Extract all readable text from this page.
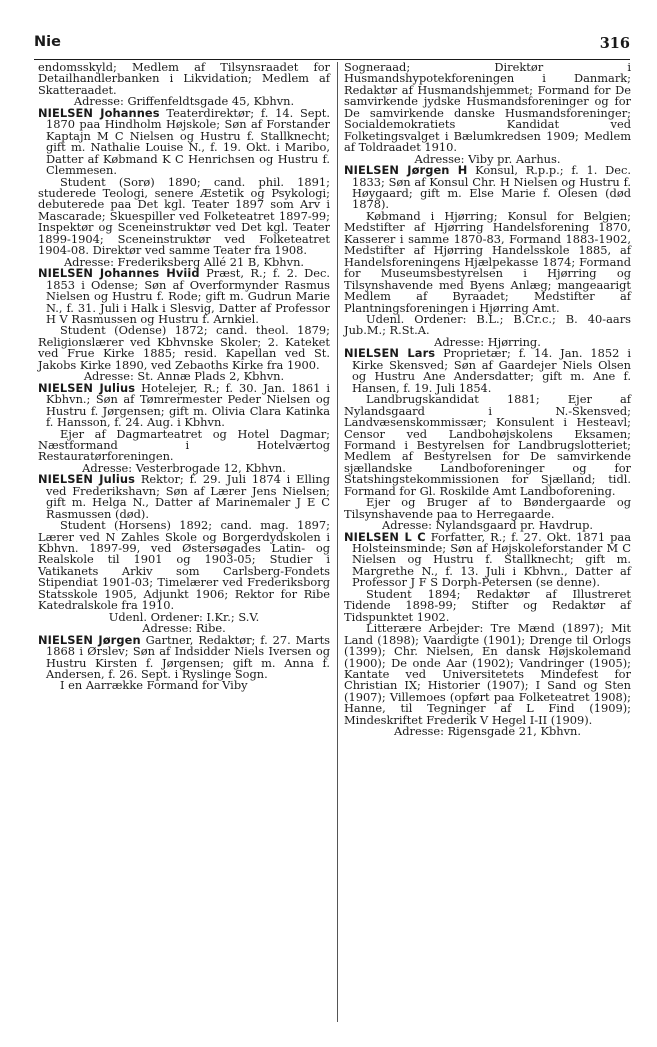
Nie	316

endomsskyld; Medlem af Tilsynsraadet for Detailhandlerbanken i Likvidation; Medlem af Skatteraadet.

Adresse: Griffenfeldtsgade 45, Kbhvn.

NIELSEN Johannes Teaterdirektør; f. 14. Sept. 1870 paa Hindholm Højskole; Søn af Forstander Kaptajn M C Nielsen og Hustru f. Stallknecht; gift m. Nathalie Louise N., f. 19. Okt. i Maribo, Datter af Købmand K C Henrichsen og Hustru f. Clemmesen.

Student (Sorø) 1890; cand. phil. 1891; studerede Teologi, senere Æstetik og Psykologi; debuterede paa Det kgl. Teater 1897 som Arv i Mascarade; Skuespiller ved Folketeatret 1897-99; Inspektør og Sceneinstruktør ved Det kgl. Teater 1899-1904; Sceneinstruktør ved Folketeatret 1904-08. Direktør ved samme Teater fra 1908.

Adresse: Frederiksberg Allé 21 B, Kbhvn.

NIELSEN Johannes Hviid Præst, R.; f. 2. Dec. 1853 i Odense; Søn af Overformynder Rasmus Nielsen og Hustru f. Rode; gift m. Gudrun Marie N., f. 31. Juli i Halk i Slesvig, Datter af Professor H V Rasmussen og Hustru f. Arnkiel.

Student (Odense) 1872; cand. theol. 1879; Religionslærer ved Kbhvnske Skoler; 2. Kateket ved Frue Kirke 1885; resid. Kapellan ved St. Jakobs Kirke 1890, ved Zebaoths Kirke fra 1900.

Adresse: St. Annæ Plads 2, Kbhvn.

NIELSEN Julius Hotelejer, R.; f. 30. Jan. 1861 i Kbhvn.; Søn af Tømrermester Peder Nielsen og Hustru f. Jørgensen; gift m. Olivia Clara Katinka f. Hansson, f. 24. Aug. i Kbhvn.

Ejer af Dagmarteatret og Hotel Dagmar; Næstformand i Hotelværtog Restauratørforeningen.

Adresse: Vesterbrogade 12, Kbhvn.

NIELSEN Julius Rektor; f. 29. Juli 1874 i Elling ved Frederikshavn; Søn af Lærer Jens Nielsen; gift m. Helga N., Datter af Marinemaler J E C Rasmussen (død).

Student (Horsens) 1892; cand. mag. 1897; Lærer ved N Zahles Skole og Borgerdydskolen i Kbhvn. 1897-99, ved Østersøgades Latin- og Realskole til 1901 og 1903-05; Studier i Vatikanets Arkiv som Carlsberg-Fondets Stipendiat 1901-03; Timelærer ved Frederiksborg Statsskole 1905, Adjunkt 1906; Rektor for Ribe Katedralskole fra 1910.

Udenl. Ordener: I.Kr.; S.V.

Adresse: Ribe.

NIELSEN Jørgen Gartner, Redaktør; f. 27. Marts 1868 i Ørslev; Søn af Indsidder Niels Iversen og Hustru Kirsten f. Jørgensen; gift m. Anna f. Andersen, f. 26. Sept. i Ryslinge Sogn.

I en Aarrække Formand for Viby

Sogneraad; Direktør i Husmandshypotekforeningen i Danmark; Redaktør af Husmandshjemmet; Formand for De samvirkende jydske Husmandsforeninger og for De samvirkende danske Husmandsforeninger; Socialdemokratiets Kandidat ved Folketingsvalget i Bælumkredsen 1909; Medlem af Toldraadet 1910.

Adresse: Viby pr. Aarhus.

NIELSEN Jørgen H Konsul, R.p.p.; f. 1. Dec. 1833; Søn af Konsul Chr. H Nielsen og Hustru f. Høygaard; gift m. Else Marie f. Olesen (død 1878).

Købmand i Hjørring; Konsul for Belgien; Medstifter af Hjørring Handelsforening 1870, Kasserer i samme 1870-83, Formand 1883-1902, Medstifter af Hjørring Handelsskole 1885, af Handelsforeningens Hjælpekasse 1874; Formand for Museumsbestyrelsen i Hjørring og Tilsynshavende med Byens Anlæg; mangeaarigt Medlem af Byraadet; Medstifter af Plantningsforeningen i Hjørring Amt.

Udenl. Ordener: B.L.; B.Cr.c.; B. 40-aars Jub.M.; R.St.A.

Adresse: Hjørring.

NIELSEN Lars Proprietær; f. 14. Jan. 1852 i Kirke Skensved; Søn af Gaardejer Niels Olsen og Hustru Ane Andersdatter; gift m. Ane f. Hansen, f. 19. Juli 1854.

Landbrugskandidat 1881; Ejer af Nylandsgaard i N.-Skensved; Landvæsenskommissær; Konsulent i Hesteavl; Censor ved Landbohøjskolens Eksamen; Formand i Bestyrelsen for Landbrugslotteriet; Medlem af Bestyrelsen for De samvirkende sjællandske Landboforeninger og for Statshingstekommissionen for Sjælland; tidl. Formand for Gl. Roskilde Amt Landboforening.

Ejer og Bruger af to Bøndergaarde og Tilsynshavende paa to Herregaarde.

Adresse: Nylandsgaard pr. Havdrup.

NIELSEN L C Forfatter, R.; f. 27. Okt. 1871 paa Holsteinsminde; Søn af Højskoleforstander M C Nielsen og Hustru f. Stallknecht; gift m. Margrethe N., f. 13. Juli i Kbhvn., Datter af Professor J F S Dorph-Petersen (se denne).

Student 1894; Redaktør af Illustreret Tidende 1898-99; Stifter og Redaktør af Tidspunktet 1902.

Litterære Arbejder: Tre Mænd (1897); Mit Land (1898); Vaardigte (1901); Drenge til Orlogs (1399); Chr. Nielsen, En dansk Højskolemand (1900); De onde Aar (1902); Vandringer (1905); Kantate ved Universitetets Mindefest for Christian IX; Historier (1907); I Sand og Sten (1907); Villemoes (opført paa Folketeatret 1908); Hanne, til Tegninger af L Find (1909); Mindeskriftet Frederik V Hegel I-II (1909).

Adresse: Rigensgade 21, Kbhvn.
